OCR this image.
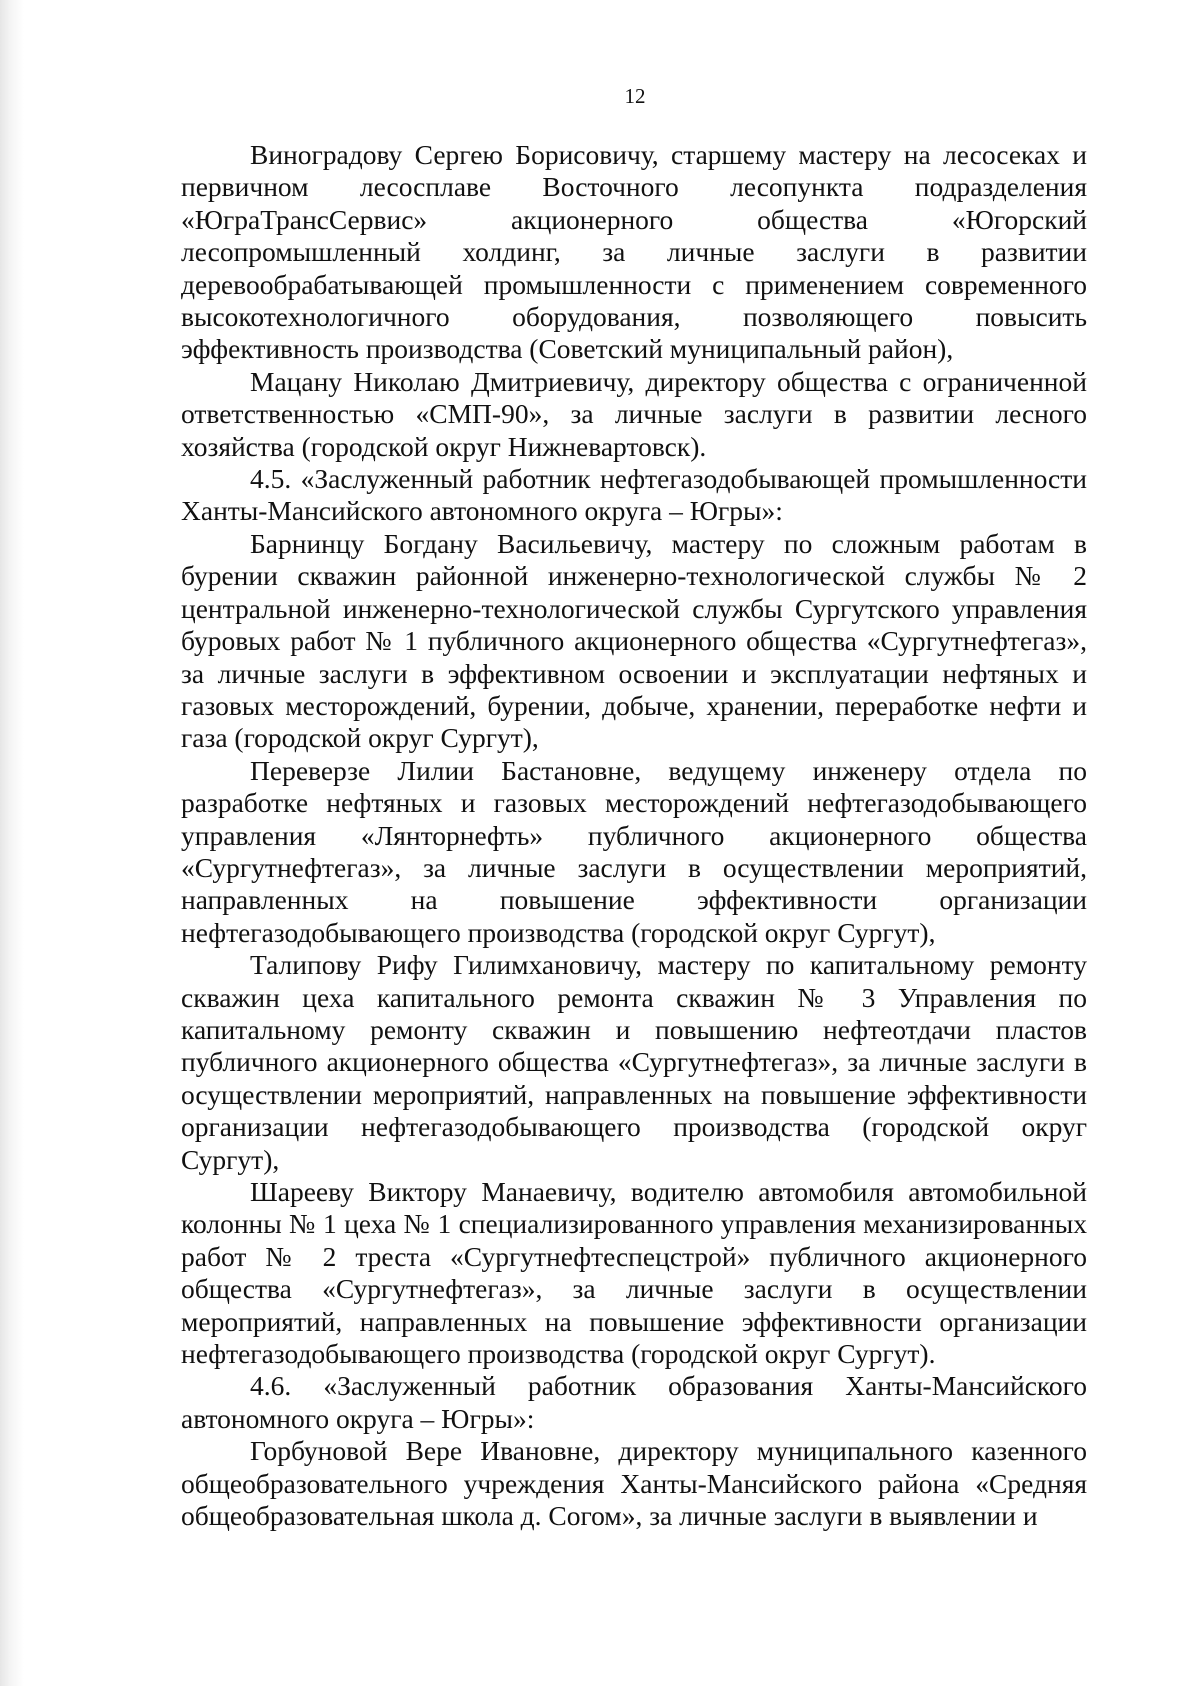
12

Виноградову Сергею Борисовичу, старшему мастеру на лесосеках и первичном лесосплаве Восточного лесопункта подразделения «ЮграТрансСервис» акционерного общества «Югорский лесопромышленный холдинг, за личные заслуги в развитии деревообрабатывающей промышленности с применением современного высокотехнологичного оборудования, позволяющего повысить эффективность производства (Советский муниципальный район),

Мацану Николаю Дмитриевичу, директору общества с ограниченной ответственностью «СМП-90», за личные заслуги в развитии лесного хозяйства (городской округ Нижневартовск).

4.5. «Заслуженный работник нефтегазодобывающей промышленности Ханты-Мансийского автономного округа – Югры»:

Барнинцу Богдану Васильевичу, мастеру по сложным работам в бурении скважин районной инженерно-технологической службы № 2 центральной инженерно-технологической службы Сургутского управления буровых работ № 1 публичного акционерного общества «Сургутнефтегаз», за личные заслуги в эффективном освоении и эксплуатации нефтяных и газовых месторождений, бурении, добыче, хранении, переработке нефти и газа (городской округ Сургут),

Переверзе Лилии Бастановне, ведущему инженеру отдела по разработке нефтяных и газовых месторождений нефтегазодобывающего управления «Лянторнефть» публичного акционерного общества «Сургутнефтегаз», за личные заслуги в осуществлении мероприятий, направленных на повышение эффективности организации нефтегазодобывающего производства (городской округ Сургут),

Талипову Рифу Гилимхановичу, мастеру по капитальному ремонту скважин цеха капитального ремонта скважин № 3 Управления по капитальному ремонту скважин и повышению нефтеотдачи пластов публичного акционерного общества «Сургутнефтегаз», за личные заслуги в осуществлении мероприятий, направленных на повышение эффективности организации нефтегазодобывающего производства (городской округ Сургут),

Шарееву Виктору Манаевичу, водителю автомобиля автомобильной колонны № 1 цеха № 1 специализированного управления механизированных работ № 2 треста «Сургутнефтеспецстрой» публичного акционерного общества «Сургутнефтегаз», за личные заслуги в осуществлении мероприятий, направленных на повышение эффективности организации нефтегазодобывающего производства (городской округ Сургут).

4.6. «Заслуженный работник образования Ханты-Мансийского автономного округа – Югры»:

Горбуновой Вере Ивановне, директору муниципального казенного общеобразовательного учреждения Ханты-Мансийского района «Средняя общеобразовательная школа д. Согом», за личные заслуги в выявлении и
